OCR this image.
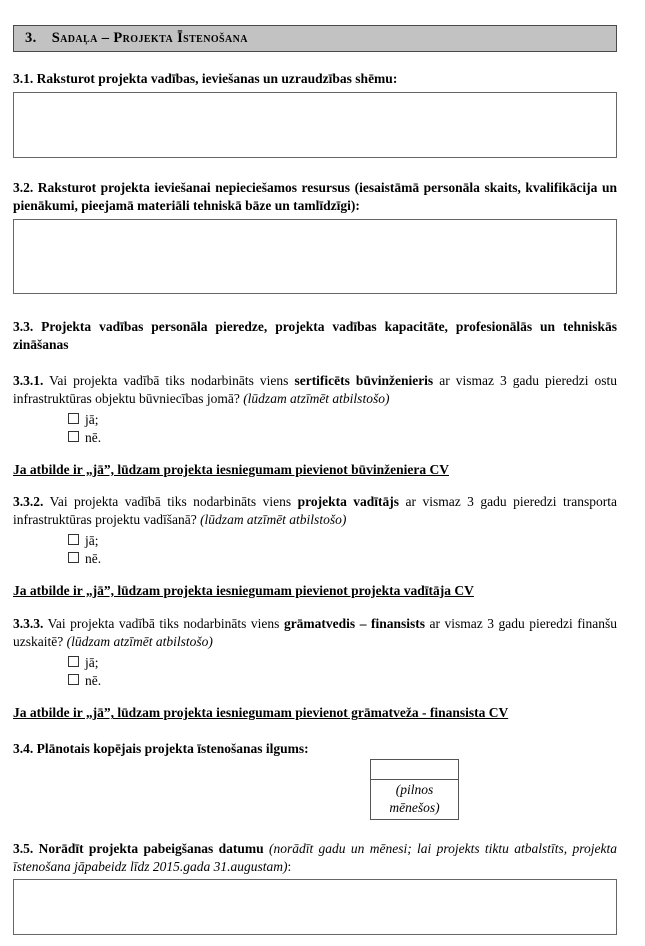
3. Sadaļa – Projekta Īstenošana

3.1. Raksturot projekta vadības, ieviešanas un uzraudzības shēmu:

3.2. Raksturot projekta ieviešanai nepieciešamos resursus (iesaistāmā personāla skaits, kvalifikācija un pienākumi, pieejamā materiāli tehniskā bāze un tamlīdzīgi):

3.3. Projekta vadības personāla pieredze, projekta vadības kapacitāte, profesionālās un tehniskās zināšanas

3.3.1. Vai projekta vadībā tiks nodarbināts viens sertificēts būvinženieris ar vismaz 3 gadu pieredzi ostu infrastruktūras objektu būvniecības jomā? (lūdzam atzīmēt atbilstošo)

jā;
nē.

Ja atbilde ir „jā”, lūdzam projekta iesniegumam pievienot būvinženiera CV

3.3.2. Vai projekta vadībā tiks nodarbināts viens projekta vadītājs ar vismaz 3 gadu pieredzi transporta infrastruktūras projektu vadīšanā? (lūdzam atzīmēt atbilstošo)

jā;
nē.

Ja atbilde ir „jā”, lūdzam projekta iesniegumam pievienot projekta vadītāja CV

3.3.3. Vai projekta vadībā tiks nodarbināts viens grāmatvedis – finansists ar vismaz 3 gadu pieredzi finanšu uzskaitē? (lūdzam atzīmēt atbilstošo)

jā;
nē.

Ja atbilde ir „jā”, lūdzam projekta iesniegumam pievienot grāmatveža - finansista CV

3.4. Plānotais kopējais projekta īstenošanas ilgums:

(pilnos mēnešos)

3.5. Norādīt projekta pabeigšanas datumu (norādīt gadu un mēnesi; lai projekts tiktu atbalstīts, projekta īstenošana jāpabeidz līdz 2015.gada 31.augustam):
